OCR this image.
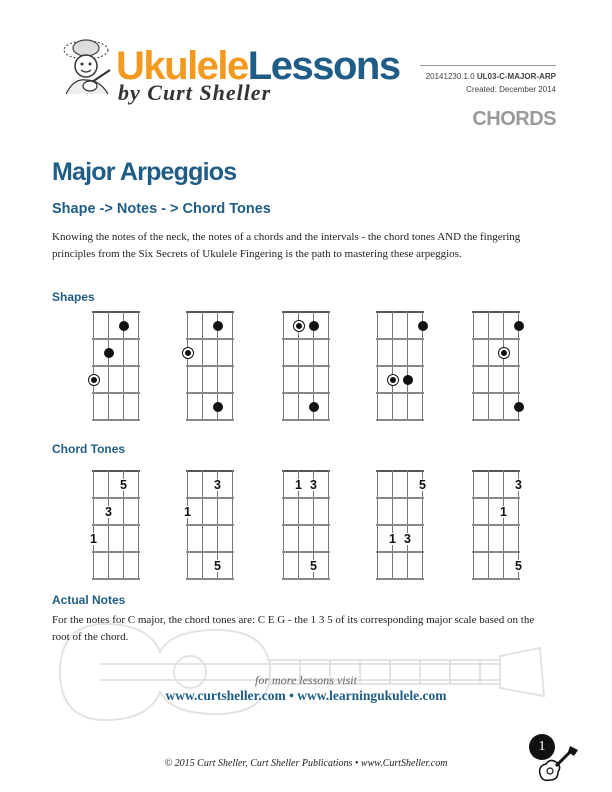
UkuleleLessons
by Curt Sheller
20141230.1.0 UL03-C-MAJOR-ARP
Created: December 2014
CHORDS
Major Arpeggios
Shape -> Notes - > Chord Tones
Knowing the notes of the neck, the notes of a chords and the intervals - the chord tones AND the fingering principles from the Six Secrets of Ukulele Fingering is the path to mastering these arpeggios.
Shapes
Chord Tones
5
3
1
3
1
5
1 3
5
5
1 3
3
1
5
Actual Notes
For the notes for C major, the chord tones are: C E G - the 1 3 5 of its corresponding major scale based on the root of the chord.
for more lessons visit
www.curtsheller.com • www.learningukulele.com
1
© 2015 Curt Sheller, Curt Sheller Publications • www.CurtSheller.com
